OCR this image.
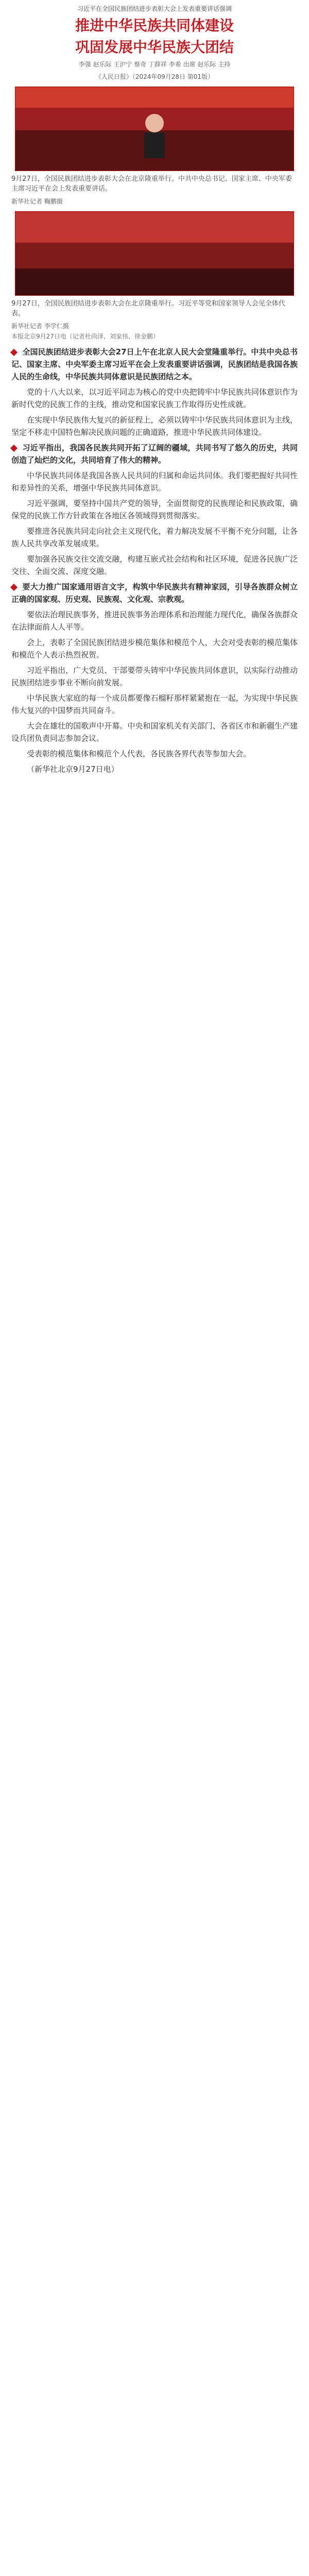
习近平在全国民族团结进步表彰大会上发表重要讲话强调
推进中华民族共同体建设
巩固发展中华民族大团结
李强 赵乐际 王沪宁 蔡奇 丁薛祥 李希 出席 赵乐际 主持
《人民日报》（2024年09月28日 第01版）
9月27日，全国民族团结进步表彰大会在北京隆重举行。中共中央总书记、国家主席、中央军委主席习近平在会上发表重要讲话。
新华社记者 鞠鹏摄
9月27日，全国民族团结进步表彰大会在北京隆重举行。习近平等党和国家领导人会见全体代表。
新华社记者 李学仁摄
本报北京9月27日电（记者杜尚泽、刘家伟、徐金鹏）

全国民族团结进步表彰大会27日上午在北京人民大会堂隆重举行。中共中央总书记、国家主席、中央军委主席习近平在会上发表重要讲话强调，民族团结是我国各族人民的生命线，中华民族共同体意识是民族团结之本。

党的十八大以来，以习近平同志为核心的党中央把铸牢中华民族共同体意识作为新时代党的民族工作的主线，推动党和国家民族工作取得历史性成就。

在实现中华民族伟大复兴的新征程上，必须以铸牢中华民族共同体意识为主线，坚定不移走中国特色解决民族问题的正确道路，推进中华民族共同体建设。

习近平指出，我国各民族共同开拓了辽阔的疆域，共同书写了悠久的历史，共同创造了灿烂的文化，共同培育了伟大的精神。

中华民族共同体是我国各族人民共同的归属和命运共同体。我们要把握好共同性和差异性的关系，增强中华民族共同体意识。

习近平强调，要坚持中国共产党的领导，全面贯彻党的民族理论和民族政策，确保党的民族工作方针政策在各地区各领域得到贯彻落实。

要推进各民族共同走向社会主义现代化，着力解决发展不平衡不充分问题，让各族人民共享改革发展成果。

要加强各民族交往交流交融，构建互嵌式社会结构和社区环境，促进各民族广泛交往、全面交流、深度交融。

要大力推广国家通用语言文字，构筑中华民族共有精神家园，引导各族群众树立正确的国家观、历史观、民族观、文化观、宗教观。

要依法治理民族事务，推进民族事务治理体系和治理能力现代化，确保各族群众在法律面前人人平等。

会上，表彰了全国民族团结进步模范集体和模范个人，大会对受表彰的模范集体和模范个人表示热烈祝贺。

习近平指出，广大党员、干部要带头铸牢中华民族共同体意识，以实际行动推动民族团结进步事业不断向前发展。

中华民族大家庭的每一个成员都要像石榴籽那样紧紧抱在一起，为实现中华民族伟大复兴的中国梦而共同奋斗。

大会在雄壮的国歌声中开幕。中央和国家机关有关部门、各省区市和新疆生产建设兵团负责同志参加会议。

受表彰的模范集体和模范个人代表，各民族各界代表等参加大会。

（新华社北京9月27日电）
